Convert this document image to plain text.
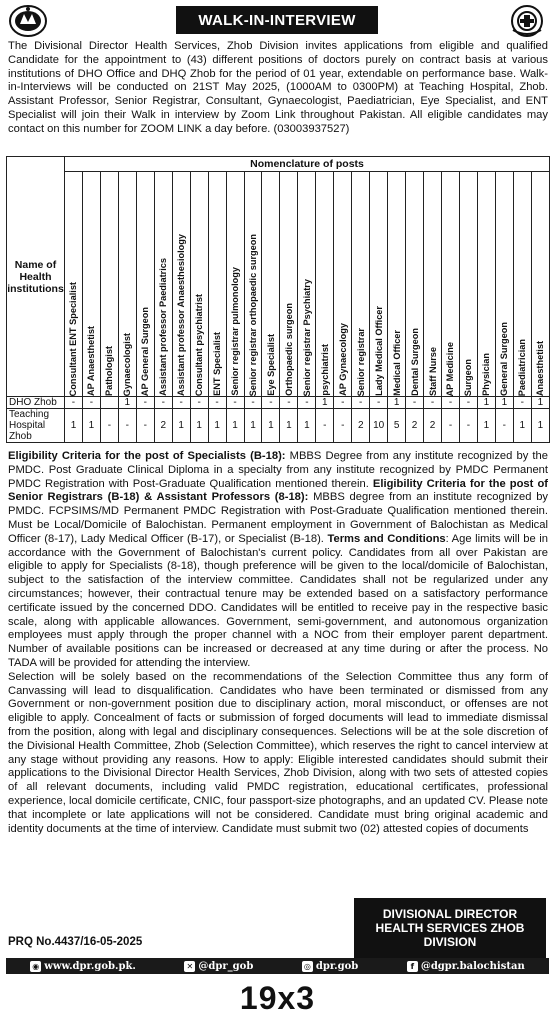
WALK-IN-INTERVIEW
The Divisional Director Health Services, Zhob Division invites applications from eligible and qualified Candidate for the appointment to (43) different positions of doctors purely on contract basis at various institutions of DHO Office and DHQ Zhob for the period of 01 year, extendable on performance base. Walk-in-Interviews will be conducted on 21ST May 2025, (1000AM to 0300PM) at Teaching Hospital, Zhob. Assistant Professor, Senior Registrar, Consultant, Gynaecologist, Paediatrician, Eye Specialist, and ENT Specialist will join their Walk in interview by Zoom Link throughout Pakistan. All eligible candidates may contact on this number for ZOOM LINK a day before. (03003937527)
Name of Health institutions	Nomenclature of posts																										

	Consultant ENT Specialist	AP Anaesthetist	Pathologist	Gynaecologist	AP General Surgeon	Assistant professor Paediatrics	Assistant professor Anaesthesiology	Consultant psychiatrist	ENT Specialist	Senior registrar pulmonology	Senior registrar orthopaedic surgeon	Eye Specialist	Orthopaedic surgeon	Senior registrar Psychiatry	psychiatrist	AP Gynaecology	Senior registrar	Lady Medical Officer	Medical Officer	Dental Surgeon	Staff Nurse	AP Medicine	Surgeon	Physician	General Surgeon	Paediatrician	Anaesthetist

DHO Zhob	-	-		1	-	-	-	-	-	-	-	-	-	-	1	-	-	-	1	-	-	-	-	1	1	-	1
Teaching Hospital Zhob	1	1	-	-	-	2	1	1	1	1	1	1	1	1	-	-	2	10	5	2	2	-	-	1	-	1	1

Eligibility Criteria for the post of Specialists (B-18): MBBS Degree from any institute recognized by the PMDC. Post Graduate Clinical Diploma in a specialty from any institute recognized by PMDC Permanent PMDC Registration with Post-Graduate Qualification mentioned therein. Eligibility Criteria for the post of Senior Registrars (B-18) & Assistant Professors (8-18): MBBS degree from an institute recognized by PMDC. FCPSIMS/MD Permanent PMDC Registration with Post-Graduate Qualification mentioned therein. Must be Local/Domicile of Balochistan. Permanent employment in Government of Balochistan as Medical Officer (8-17), Lady Medical Officer (B-17), or Specialist (B-18). Terms and Conditions: Age limits will be in accordance with the Government of Balochistan's current policy. Candidates from all over Pakistan are eligible to apply for Specialists (8-18), though preference will be given to the local/domicile of Balochistan, subject to the satisfaction of the interview committee. Candidates shall not be regularized under any circumstances; however, their contractual tenure may be extended based on a satisfactory performance certificate issued by the concerned DDO. Candidates will be entitled to receive pay in the respective basic scale, along with applicable allowances. Government, semi-government, and autonomous organization employees must apply through the proper channel with a NOC from their employer parent department. Number of available positions can be increased or decreased at any time during or after the process. No TADA will be provided for attending the interview.

Selection will be solely based on the recommendations of the Selection Committee thus any form of Canvassing will lead to disqualification. Candidates who have been terminated or dismissed from any Government or non-government position due to disciplinary action, moral misconduct, or offenses are not eligible to apply. Concealment of facts or submission of forged documents will lead to immediate dismissal from the position, along with legal and disciplinary consequences. Selections will be at the sole discretion of the Divisional Health Committee, Zhob (Selection Committee), which reserves the right to cancel interview at any stage without providing any reasons. How to apply: Eligible interested candidates should submit their applications to the Divisional Director Health Services, Zhob Division, along with two sets of attested copies of all relevant documents, including valid PMDC registration, educational certificates, professional experience, local domicile certificate, CNIC, four passport-size photographs, and an updated CV. Please note that incomplete or late applications will not be considered. Candidate must bring original academic and identity documents at the time of interview. Candidate must submit two (02) attested copies of documents

PRQ No.4437/16-05-2025
DIVISIONAL DIRECTOR
HEALTH SERVICES ZHOB
DIVISION
◉ www.dpr.gob.pk.	✕ @dpr_gob	◎ dpr.gob	f @dgpr.balochistan
19x3
